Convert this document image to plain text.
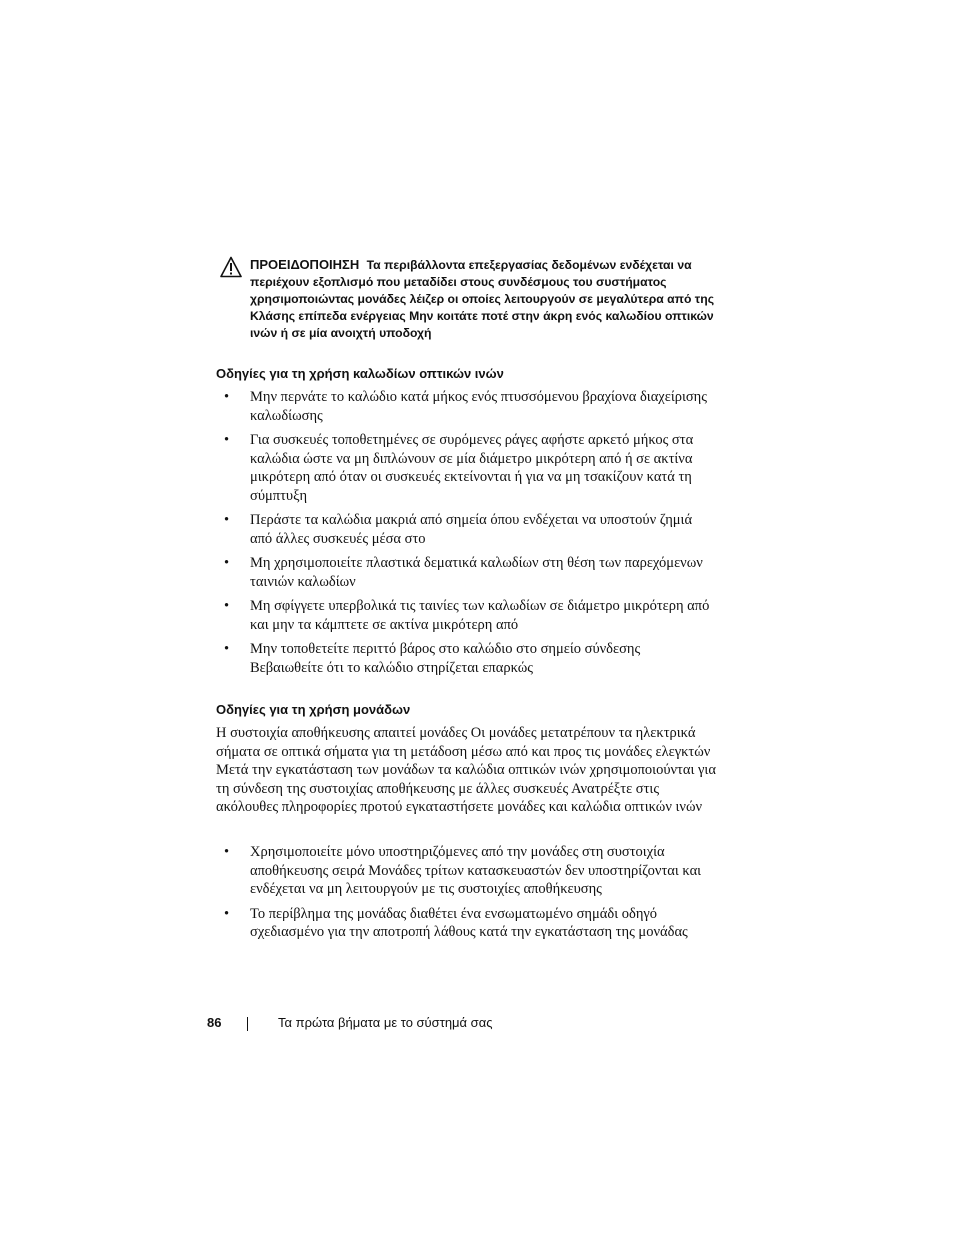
ΠΡΟΕΙΔΟΠΟΙΗΣΗ Τα περιβάλλοντα επεξεργασίας δεδομένων ενδέχεται να περιέχουν εξοπλισμό που μεταδίδει στους συνδέσμους του συστήματος χρησιμοποιώντας μονάδες λέιζερ οι οποίες λειτουργούν σε μεγαλύτερα από της Κλάσης επίπεδα ενέργειας Μην κοιτάτε ποτέ στην άκρη ενός καλωδίου οπτικών ινών ή σε μία ανοιχτή υποδοχή
Οδηγίες για τη χρήση καλωδίων οπτικών ινών
• Μην περνάτε το καλώδιο κατά μήκος ενός πτυσσόμενου βραχίονα διαχείρισης καλωδίωσης
• Για συσκευές τοποθετημένες σε συρόμενες ράγες αφήστε αρκετό μήκος στα καλώδια ώστε να μη διπλώνουν σε μία διάμετρο μικρότερη από ή σε ακτίνα μικρότερη από όταν οι συσκευές εκτείνονται ή για να μη τσακίζουν κατά τη σύμπτυξη
• Περάστε τα καλώδια μακριά από σημεία όπου ενδέχεται να υποστούν ζημιά από άλλες συσκευές μέσα στο
• Μη χρησιμοποιείτε πλαστικά δεματικά καλωδίων στη θέση των παρεχόμενων ταινιών καλωδίων
• Μη σφίγγετε υπερβολικά τις ταινίες των καλωδίων σε διάμετρο μικρότερη από και μην τα κάμπτετε σε ακτίνα μικρότερη από
• Μην τοποθετείτε περιττό βάρος στο καλώδιο στο σημείο σύνδεσης Βεβαιωθείτε ότι το καλώδιο στηρίζεται επαρκώς
Οδηγίες για τη χρήση μονάδων

Η συστοιχία αποθήκευσης απαιτεί μονάδες Οι μονάδες μετατρέπουν τα ηλεκτρικά σήματα σε οπτικά σήματα για τη μετάδοση μέσω από και προς τις μονάδες ελεγκτών Μετά την εγκατάσταση των μονάδων τα καλώδια οπτικών ινών χρησιμοποιούνται για τη σύνδεση της συστοιχίας αποθήκευσης με άλλες συσκευές Ανατρέξτε στις ακόλουθες πληροφορίες προτού εγκαταστήσετε μονάδες και καλώδια οπτικών ινών

• Χρησιμοποιείτε μόνο υποστηριζόμενες από την μονάδες στη συστοιχία αποθήκευσης σειρά Μονάδες τρίτων κατασκευαστών δεν υποστηρίζονται και ενδέχεται να μη λειτουργούν με τις συστοιχίες αποθήκευσης
• Το περίβλημα της μονάδας διαθέτει ένα ενσωματωμένο σημάδι οδηγό σχεδιασμένο για την αποτροπή λάθους κατά την εγκατάσταση της μονάδας
86	Τα πρώτα βήματα με το σύστημά σας
